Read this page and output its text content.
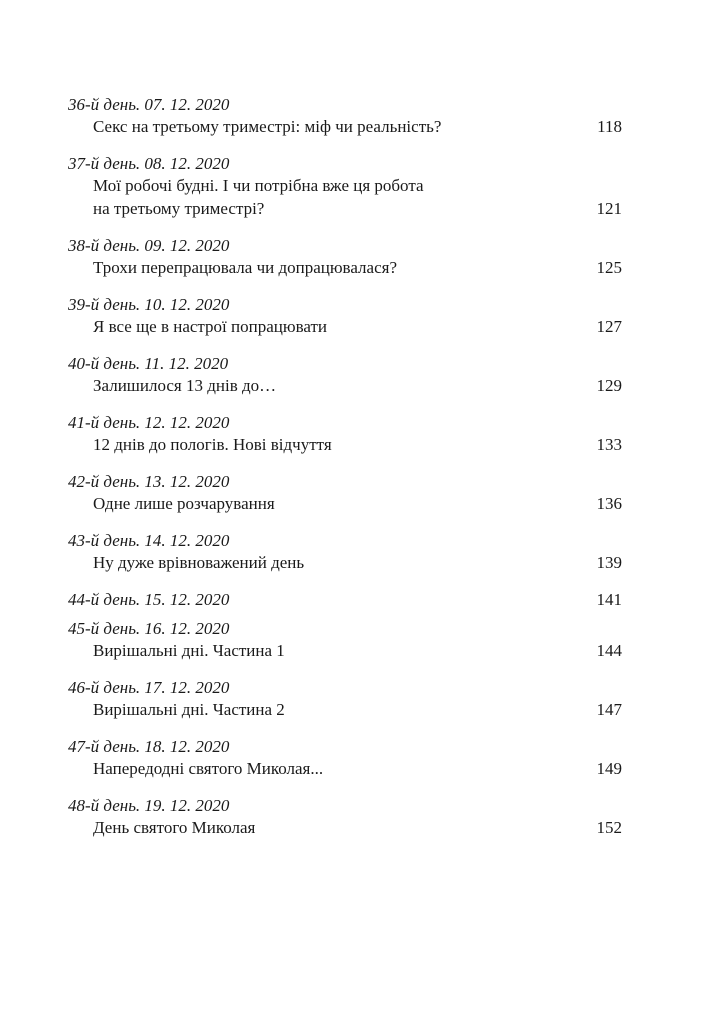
36-й день. 07. 12. 2020
Секс на третьому триместрі: міф чи реальність?	118
37-й день. 08. 12. 2020
Мої робочі будні. І чи потрібна вже ця робота
на третьому триместрі?	121
38-й день. 09. 12. 2020
Трохи перепрацювала чи допрацювалася?	125
39-й день. 10. 12. 2020
Я все ще в настрої попрацювати	127
40-й день. 11. 12. 2020
Залишилося 13 днів до…	129
41-й день. 12. 12. 2020
12 днів до пологів. Нові відчуття	133
42-й день. 13. 12. 2020
Одне лише розчарування	136
43-й день. 14. 12. 2020
Ну дуже врівноважений день	139
44-й день. 15. 12. 2020	141
45-й день. 16. 12. 2020
Вирішальні дні. Частина 1	144
46-й день. 17. 12. 2020
Вирішальні дні. Частина 2	147
47-й день. 18. 12. 2020
Напередодні святого Миколая...	149
48-й день. 19. 12. 2020
День святого Миколая	152
